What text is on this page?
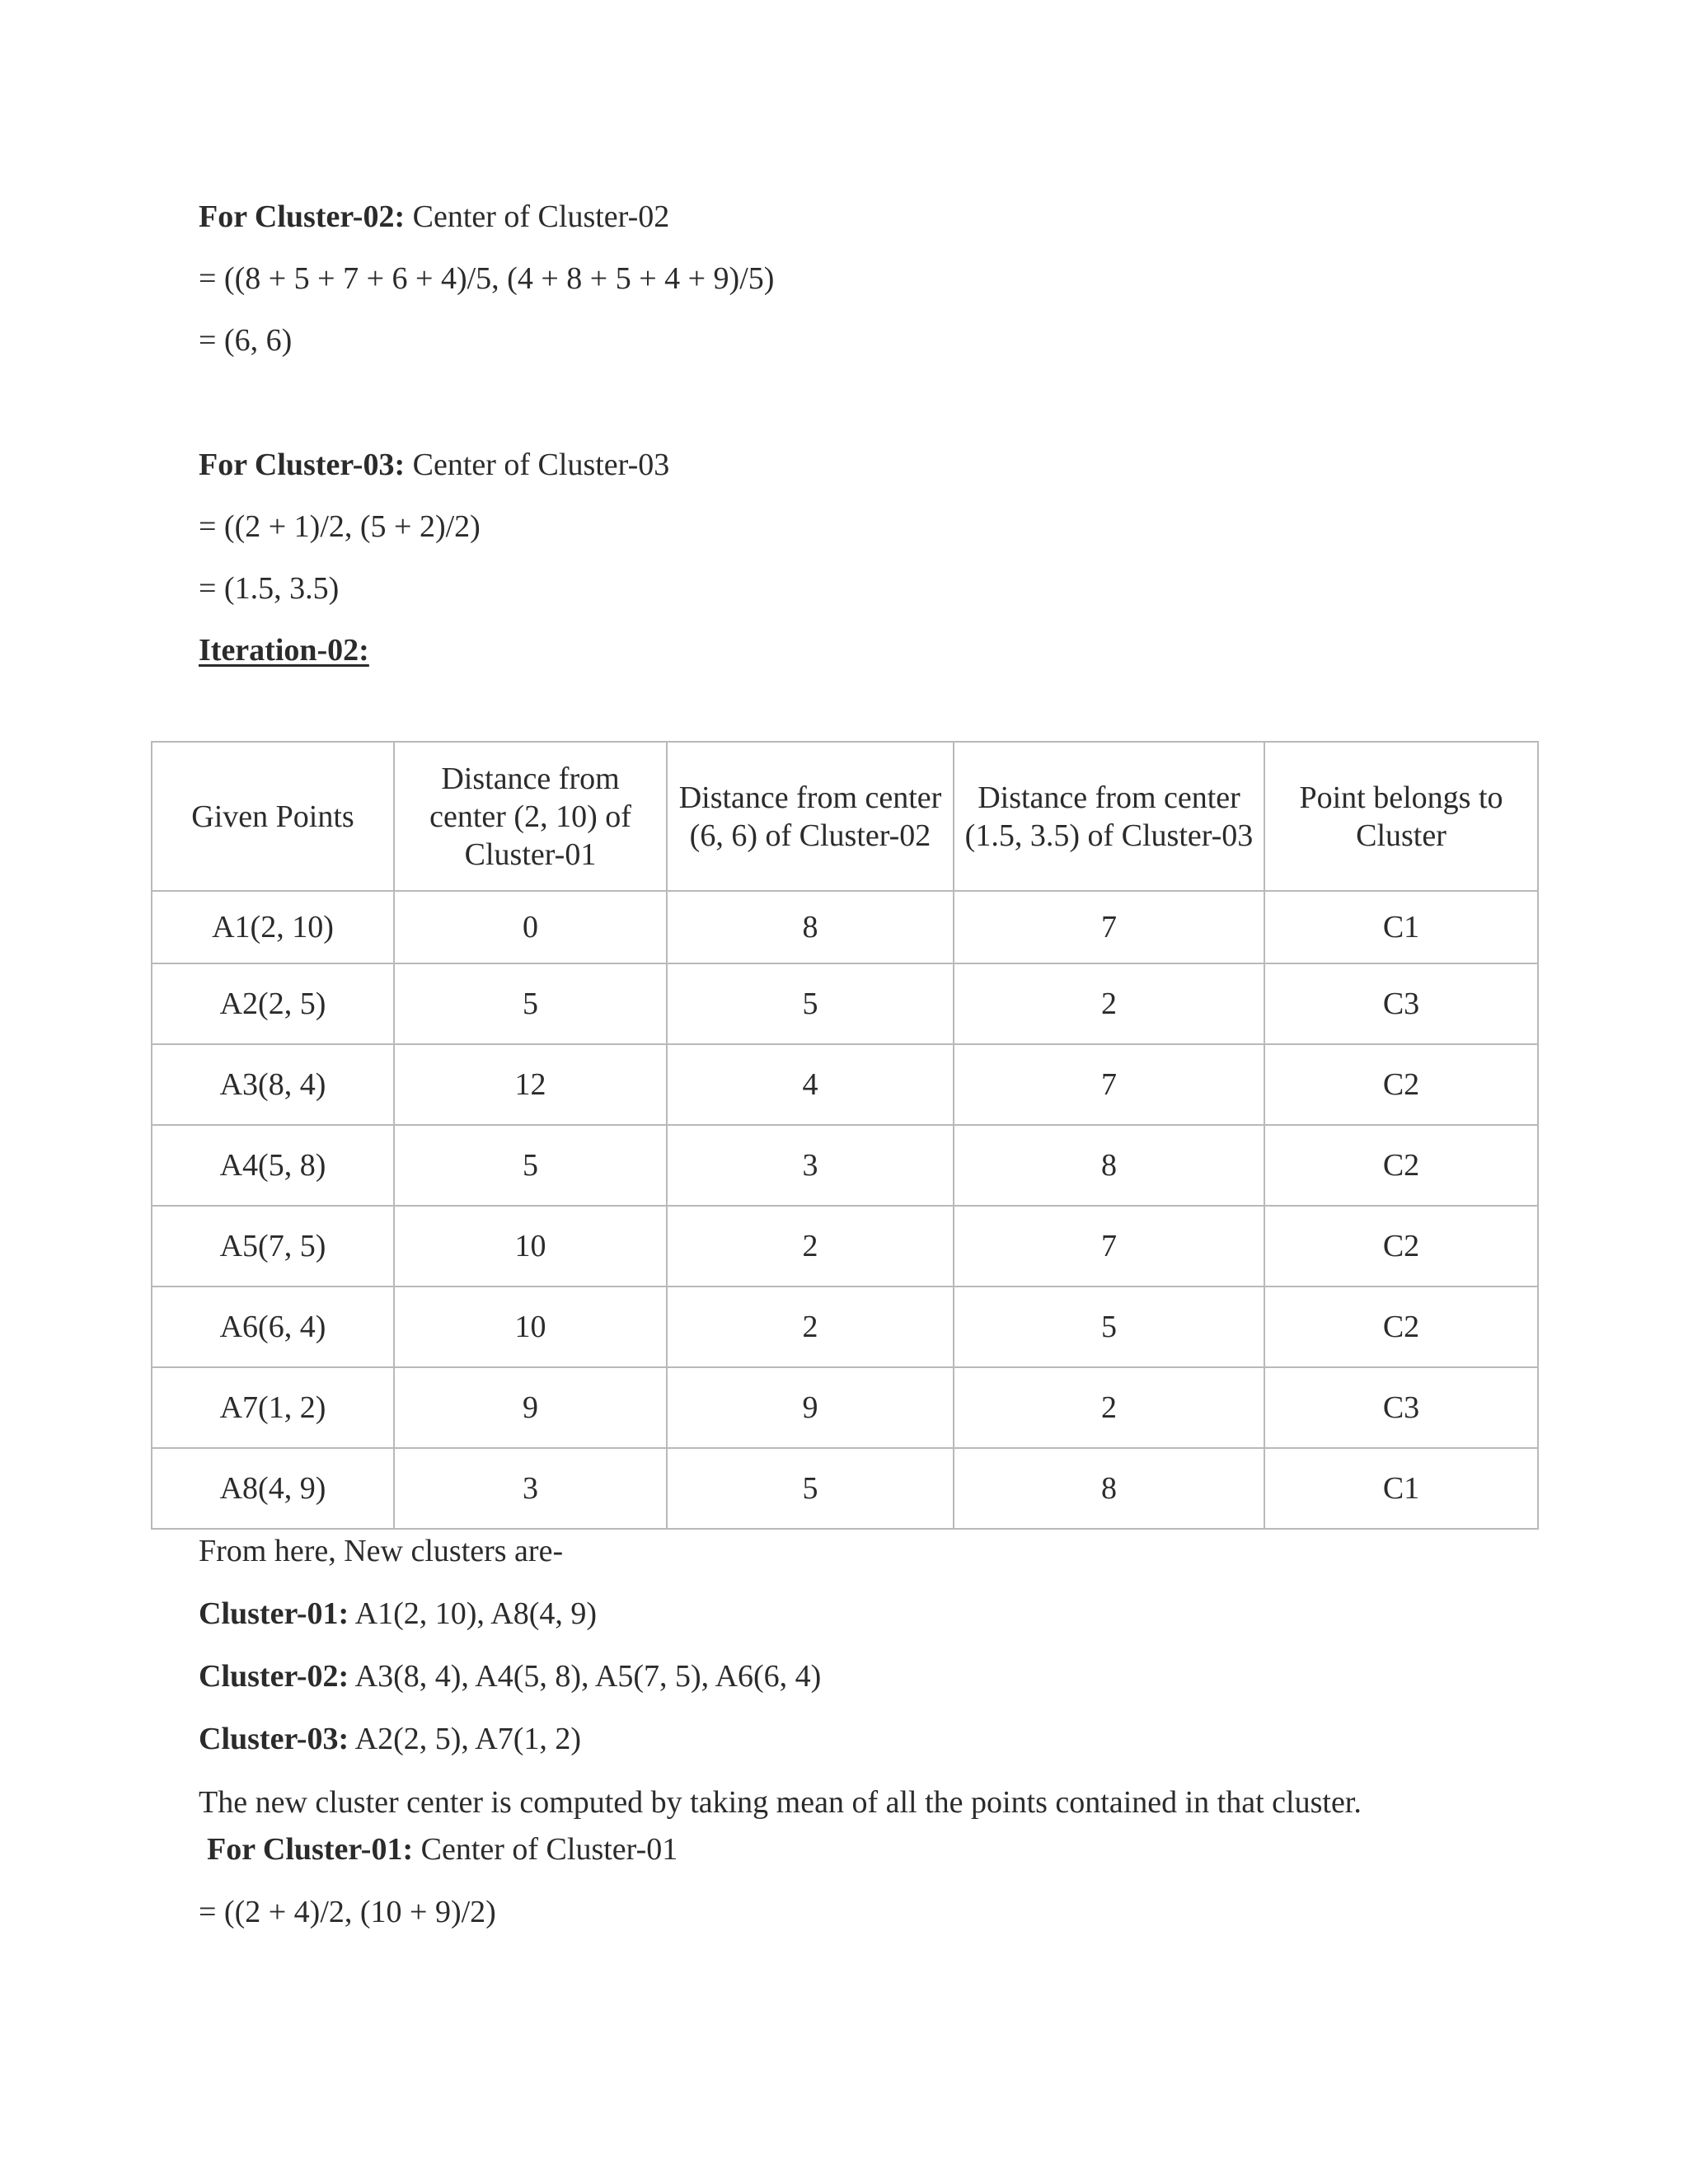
For Cluster-02: Center of Cluster-02
= ((8 + 5 + 7 + 6 + 4)/5, (4 + 8 + 5 + 4 + 9)/5)
= (6, 6)
For Cluster-03: Center of Cluster-03
= ((2 + 1)/2, (5 + 2)/2)
= (1.5, 3.5)
Iteration-02:
Given Points	Distance from center (2, 10) of Cluster-01	Distance from center (6, 6) of Cluster-02	Distance from center (1.5, 3.5) of Cluster-03	Point belongs to Cluster
A1(2, 10)	0	8	7	C1
A2(2, 5)	5	5	2	C3
A3(8, 4)	12	4	7	C2
A4(5, 8)	5	3	8	C2
A5(7, 5)	10	2	7	C2
A6(6, 4)	10	2	5	C2
A7(1, 2)	9	9	2	C3
A8(4, 9)	3	5	8	C1
From here, New clusters are-
Cluster-01: A1(2, 10), A8(4, 9)
Cluster-02: A3(8, 4), A4(5, 8), A5(7, 5), A6(6, 4)
Cluster-03: A2(2, 5), A7(1, 2)
The new cluster center is computed by taking mean of all the points contained in that cluster.
For Cluster-01: Center of Cluster-01
= ((2 + 4)/2, (10 + 9)/2)
